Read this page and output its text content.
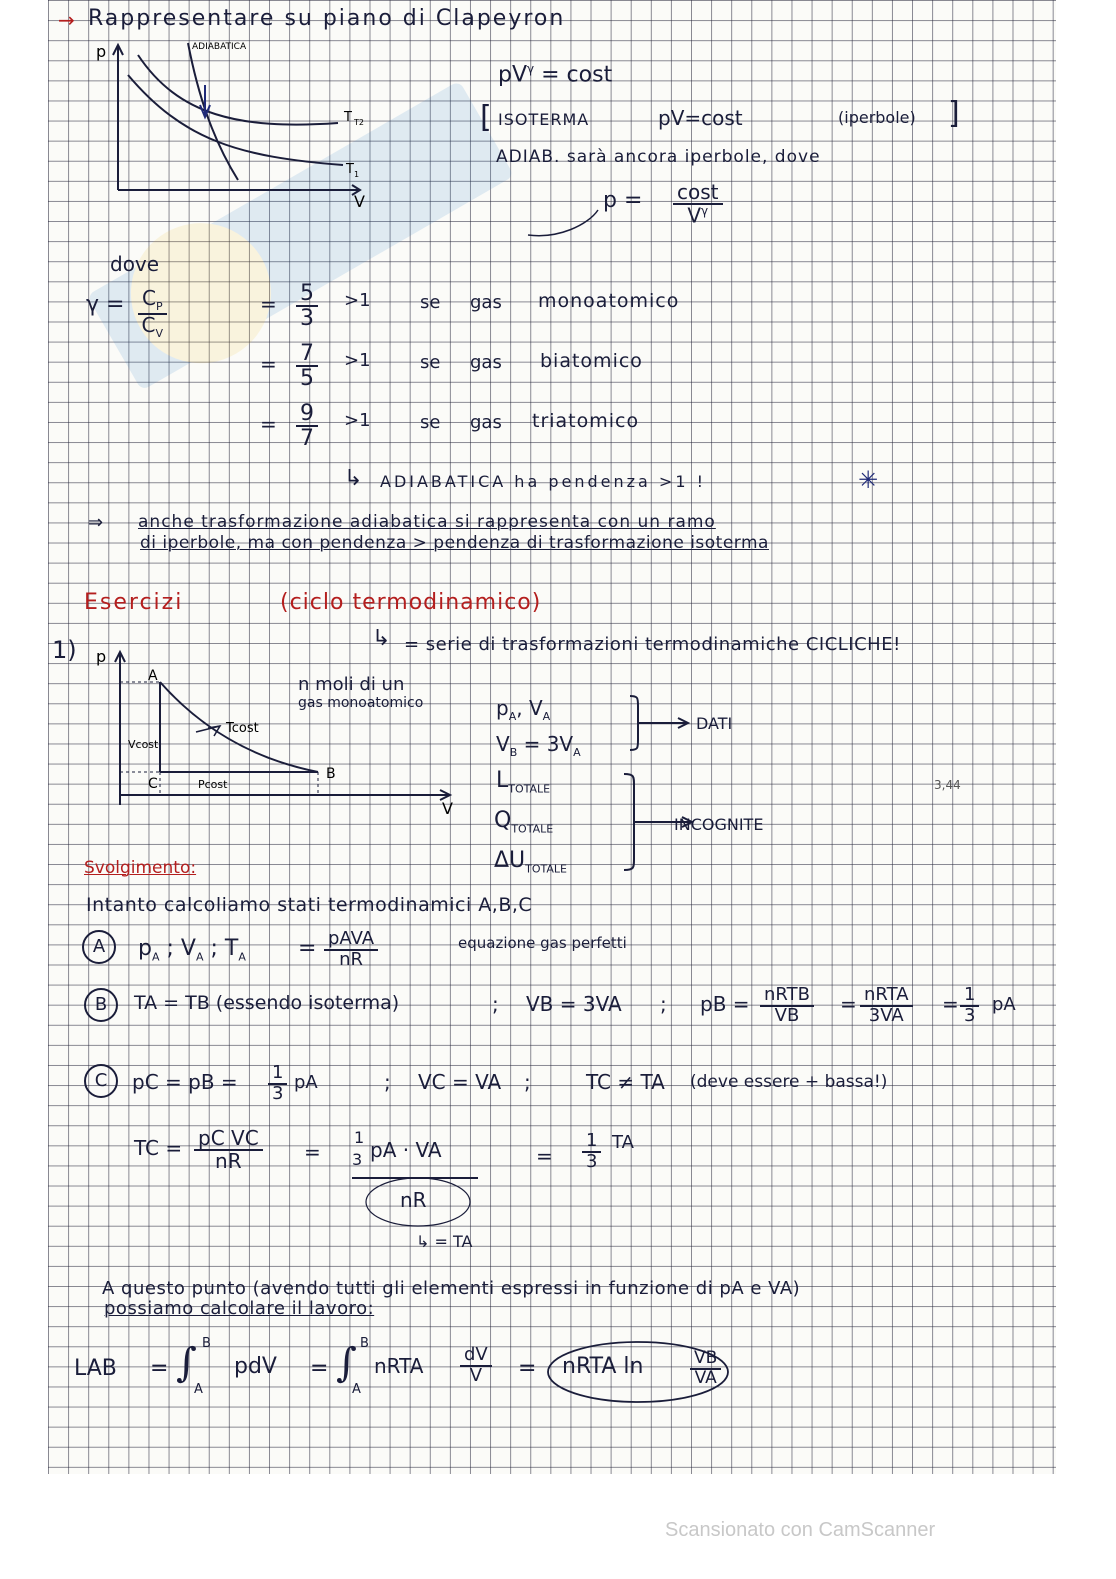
→ Rappresentare su piano di Clapeyron
p
V
ADIABATICA
T T2
T 1
$pV^\gamma = \cos t$
[ ISOTERMA	pV=cost	(iperbole) ]
ADIAB. sarà ancora iperbole, dove
$p = \frac{\cos t}{V^\gamma}$
dove
$\gamma = \frac{C_P}{C_V}$	= $\frac{5}{3} >1$	se gas monoatomico
= $\frac{7}{5} >1$	se gas biatomico
= $\frac{9}{7} >1$	se gas triatomico
↳ ADIABATICA ha pendenza >1 !	✳
⇒ anche trasformazione adiabatica si rappresenta con un ramo
di iperbole, ma con pendenza > pendenza di trasformazione isoterma
Esercizi	(ciclo termodinamico)
1)	↳ = serie di trasformazioni termodinamiche CICLICHE!
A
B
C
Tcost
Vcost
Pcost
p
V
n moli di un
gas monoatomico	$p_A$, $V_A$
$V_B = 3V_A$
DATI
$L_{TOTALE}$
$Q_{TOTALE}$
$\Delta U_{TOTALE}$
INCOGNITE
3,44
Svolgimento:
Intanto calcoliamo stati termodinamici A,B,C
A	$p_A$ ; $V_A$ ; $T_A$ = pAVA
nR
equazione gas perfetti
B	TA = TB (essendo isoterma)	; VB = 3VA ; pB = nRTB
VB = nRTA
$3VA = \frac{1}{3}$ pA
C	pC = pB = $\frac{1}{3}$ pA	; VC = VA ;	TC ≠ TA (deve essere + bassa!)
TC = $\frac{\text{pC VC}}{nR}$ =
1
3 pA · VA
nR
= $\frac{1}{3}$ TA
↳ = TA
A questo punto (avendo tutti gli elementi espressi in funzione di pA e VA)
possiamo calcolare il lavoro:
LAB = ∫ B
A
pdV = ∫ B
A
nRTA $\frac{dV}{V}$ = nRTA ln	$\frac{VB}{VA}$
Scansionato con CamScanner
